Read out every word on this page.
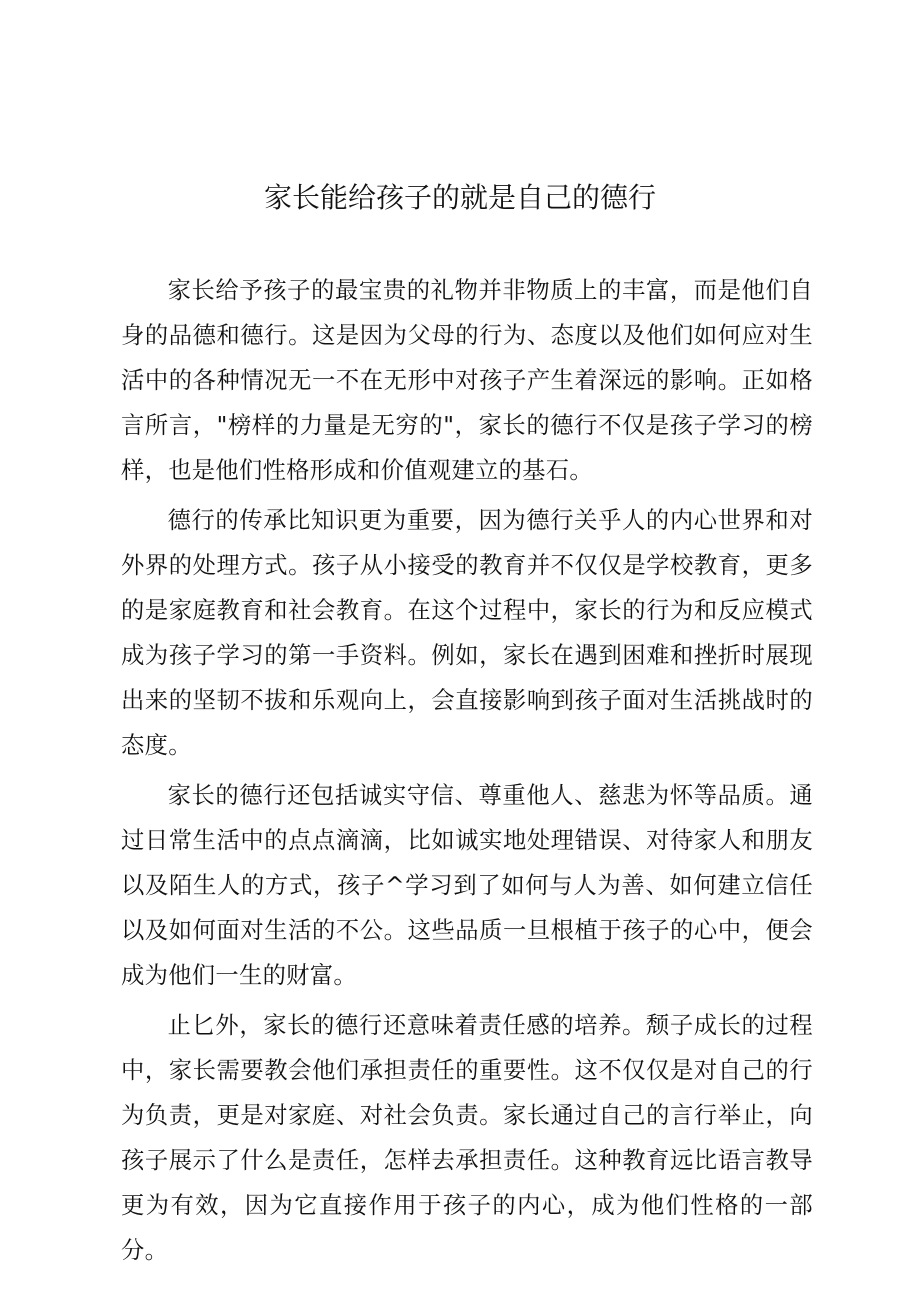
家长能给孩子的就是自己的德行

家长给予孩子的最宝贵的礼物并非物质上的丰富，而是他们自身的品德和德行。这是因为父母的行为、态度以及他们如何应对生活中的各种情况无一不在无形中对孩子产生着深远的影响。正如格言所言，"榜样的力量是无穷的"，家长的德行不仅是孩子学习的榜样，也是他们性格形成和价值观建立的基石。

德行的传承比知识更为重要，因为德行关乎人的内心世界和对外界的处理方式。孩子从小接受的教育并不仅仅是学校教育，更多的是家庭教育和社会教育。在这个过程中，家长的行为和反应模式成为孩子学习的第一手资料。例如，家长在遇到困难和挫折时展现出来的坚韧不拔和乐观向上，会直接影响到孩子面对生活挑战时的态度。

家长的德行还包括诚实守信、尊重他人、慈悲为怀等品质。通过日常生活中的点点滴滴，比如诚实地处理错误、对待家人和朋友以及陌生人的方式，孩子^学习到了如何与人为善、如何建立信任以及如何面对生活的不公。这些品质一旦根植于孩子的心中，便会成为他们一生的财富。

止匕外，家长的德行还意味着责任感的培养。颓子成长的过程中，家长需要教会他们承担责任的重要性。这不仅仅是对自己的行为负责，更是对家庭、对社会负责。家长通过自己的言行举止，向孩子展示了什么是责任，怎样去承担责任。这种教育远比语言教导更为有效，因为它直接作用于孩子的内心，成为他们性格的一部分。
